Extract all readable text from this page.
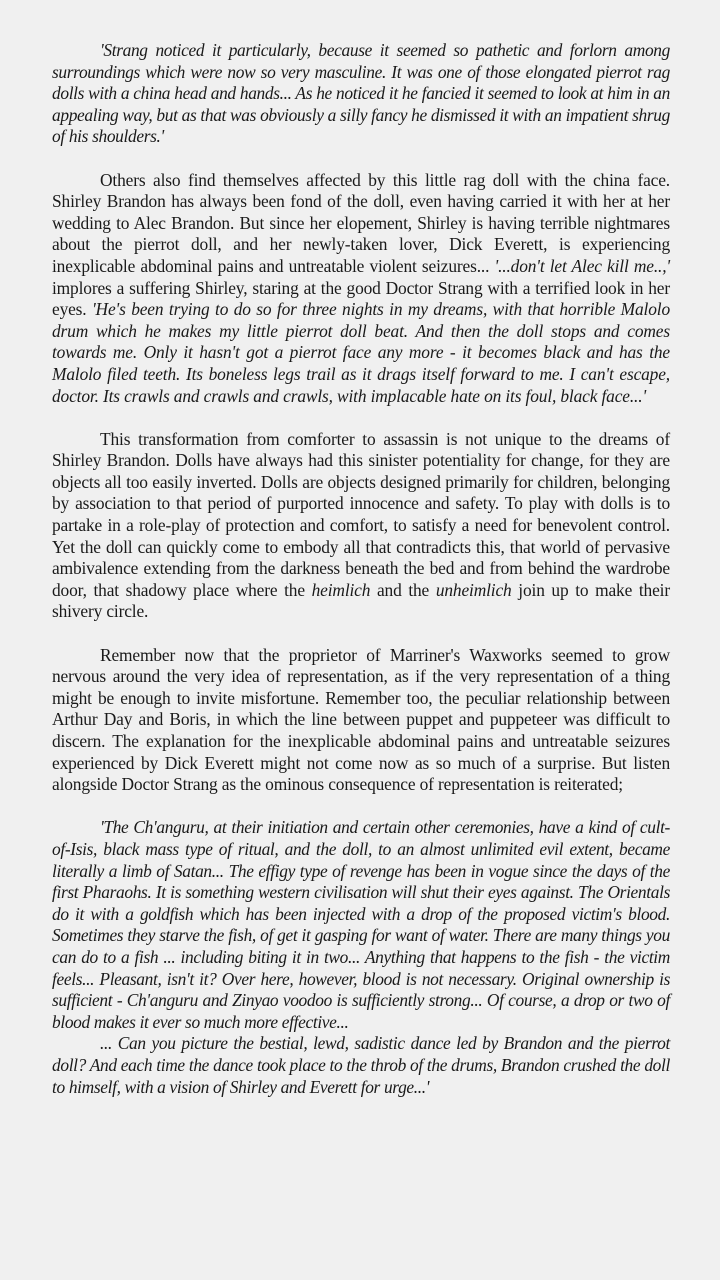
'Strang noticed it particularly, because it seemed so pathetic and forlorn among surroundings which were now so very masculine. It was one of those elongated pierrot rag dolls with a china head and hands... As he noticed it he fancied it seemed to look at him in an appealing way, but as that was obviously a silly fancy he dismissed it with an impatient shrug of his shoulders.'

Others also find themselves affected by this little rag doll with the china face. Shirley Brandon has always been fond of the doll, even having carried it with her at her wedding to Alec Brandon. But since her elopement, Shirley is having terrible nightmares about the pierrot doll, and her newly-taken lover, Dick Everett, is experiencing inexplicable abdominal pains and untreatable violent seizures... '...don't let Alec kill me..,' implores a suffering Shirley, staring at the good Doctor Strang with a terrified look in her eyes. 'He's been trying to do so for three nights in my dreams, with that horrible Malolo drum which he makes my little pierrot doll beat. And then the doll stops and comes towards me. Only it hasn't got a pierrot face any more - it becomes black and has the Malolo filed teeth. Its boneless legs trail as it drags itself forward to me. I can't escape, doctor. Its crawls and crawls and crawls, with implacable hate on its foul, black face...'

This transformation from comforter to assassin is not unique to the dreams of Shirley Brandon. Dolls have always had this sinister potentiality for change, for they are objects all too easily inverted. Dolls are objects designed primarily for children, belonging by association to that period of purported innocence and safety. To play with dolls is to partake in a role-play of protection and comfort, to satisfy a need for benevolent control. Yet the doll can quickly come to embody all that contradicts this, that world of pervasive ambivalence extending from the darkness beneath the bed and from behind the wardrobe door, that shadowy place where the heimlich and the unheimlich join up to make their shivery circle.

Remember now that the proprietor of Marriner's Waxworks seemed to grow nervous around the very idea of representation, as if the very representation of a thing might be enough to invite misfortune. Remember too, the peculiar relationship between Arthur Day and Boris, in which the line between puppet and puppeteer was difficult to discern. The explanation for the inexplicable abdominal pains and untreatable seizures experienced by Dick Everett might not come now as so much of a surprise. But listen alongside Doctor Strang as the ominous consequence of representation is reiterated;

'The Ch'anguru, at their initiation and certain other ceremonies, have a kind of cult-of-Isis, black mass type of ritual, and the doll, to an almost unlimited evil extent, became literally a limb of Satan... The effigy type of revenge has been in vogue since the days of the first Pharaohs. It is something western civilisation will shut their eyes against. The Orientals do it with a goldfish which has been injected with a drop of the proposed victim's blood. Sometimes they starve the fish, of get it gasping for want of water. There are many things you can do to a fish ... including biting it in two... Anything that happens to the fish - the victim feels... Pleasant, isn't it? Over here, however, blood is not necessary. Original ownership is sufficient - Ch'anguru and Zinyao voodoo is sufficiently strong... Of course, a drop or two of blood makes it ever so much more effective...

... Can you picture the bestial, lewd, sadistic dance led by Brandon and the pierrot doll? And each time the dance took place to the throb of the drums, Brandon crushed the doll to himself, with a vision of Shirley and Everett for urge...'
